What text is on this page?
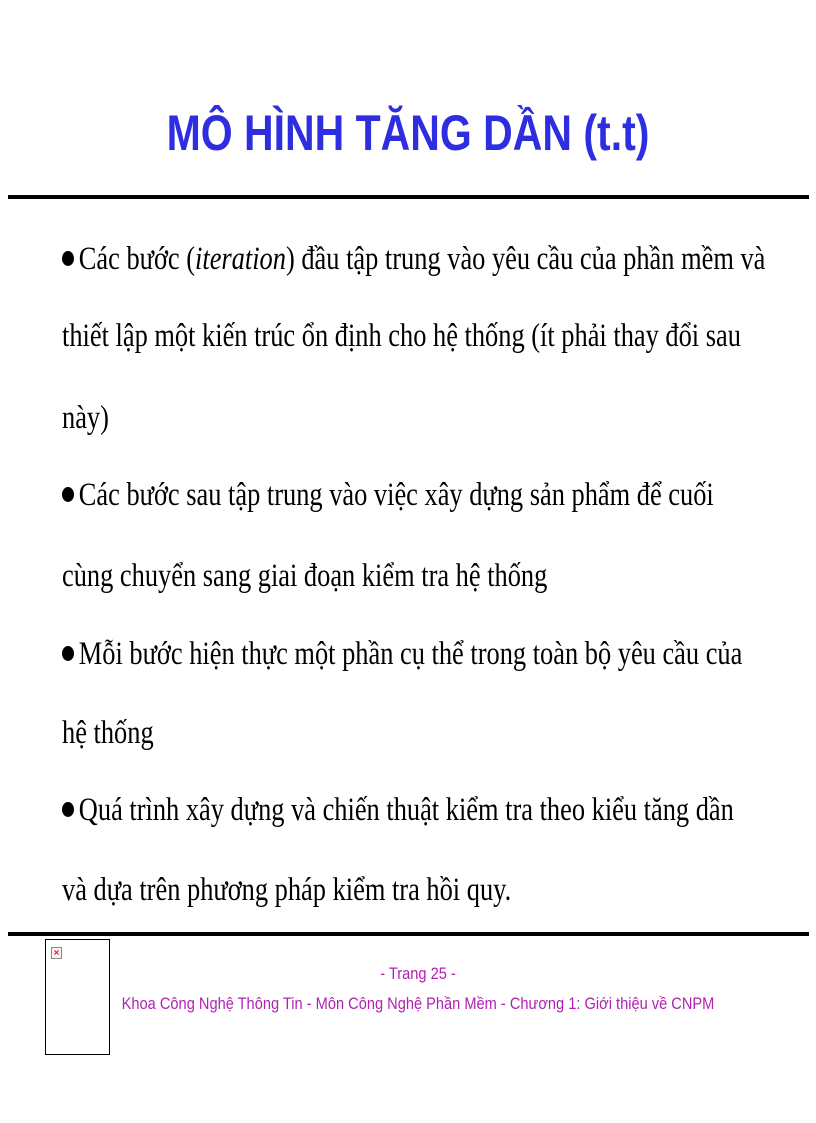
MÔ HÌNH TĂNG DẦN (t.t)
Các bước (iteration) đầu tập trung vào yêu cầu của phần mềm và
thiết lập một kiến trúc ổn định cho hệ thống (ít phải thay đổi sau
này)
Các bước sau tập trung vào việc xây dựng sản phẩm để cuối
cùng chuyển sang giai đoạn kiểm tra hệ thống
Mỗi bước hiện thực một phần cụ thể trong toàn bộ yêu cầu của
hệ thống
Quá trình xây dựng và chiến thuật kiểm tra theo kiểu tăng dần
và dựa trên phương pháp kiểm tra hồi quy.
×
- Trang 25 -
Khoa Công Nghệ Thông Tin - Môn Công Nghệ Phần Mềm - Chương 1: Giới thiệu về CNPM
